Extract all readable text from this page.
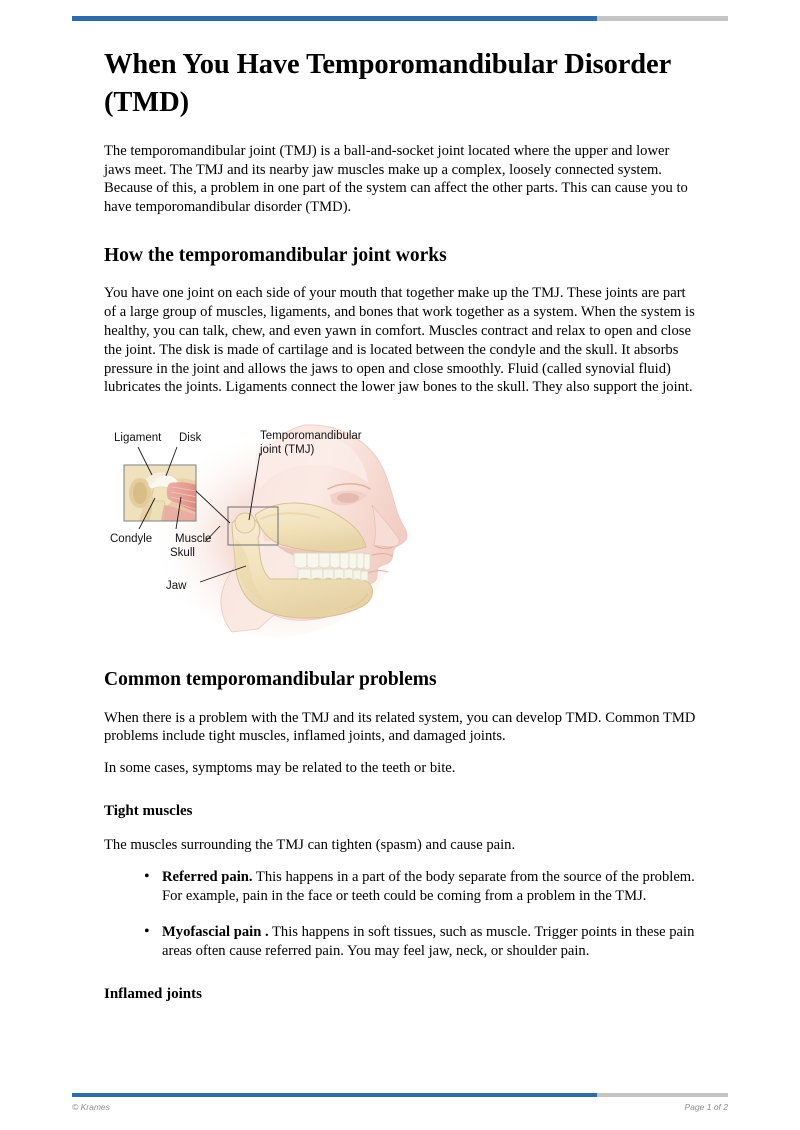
When You Have Temporomandibular Disorder (TMD)

The temporomandibular joint (TMJ) is a ball-and-socket joint located where the upper and lower jaws meet. The TMJ and its nearby jaw muscles make up a complex, loosely connected system. Because of this, a problem in one part of the system can affect the other parts. This can cause you to have temporomandibular disorder (TMD).

How the temporomandibular joint works

You have one joint on each side of your mouth that together make up the TMJ. These joints are part of a large group of muscles, ligaments, and bones that work together as a system. When the system is healthy, you can talk, chew, and even yawn in comfort. Muscles contract and relax to open and close the joint. The disk is made of cartilage and is located between the condyle and the skull. It absorbs pressure in the joint and allows the jaws to open and close smoothly. Fluid (called synovial fluid) lubricates the joints. Ligaments connect the lower jaw bones to the skull. They also support the joint.

Ligament Disk
Condyle Muscle
Skull
Jaw
Temporomandibular
joint (TMJ)
Common temporomandibular problems

When there is a problem with the TMJ and its related system, you can develop TMD. Common TMD problems include tight muscles, inflamed joints, and damaged joints.

In some cases, symptoms may be related to the teeth or bite.

Tight muscles

The muscles surrounding the TMJ can tighten (spasm) and cause pain.

• Referred pain. This happens in a part of the body separate from the source of the problem. For example, pain in the face or teeth could be coming from a problem in the TMJ.
• Myofascial pain . This happens in soft tissues, such as muscle. Trigger points in these pain areas often cause referred pain. You may feel jaw, neck, or shoulder pain.
Inflamed joints
© Krames	Page 1 of 2
